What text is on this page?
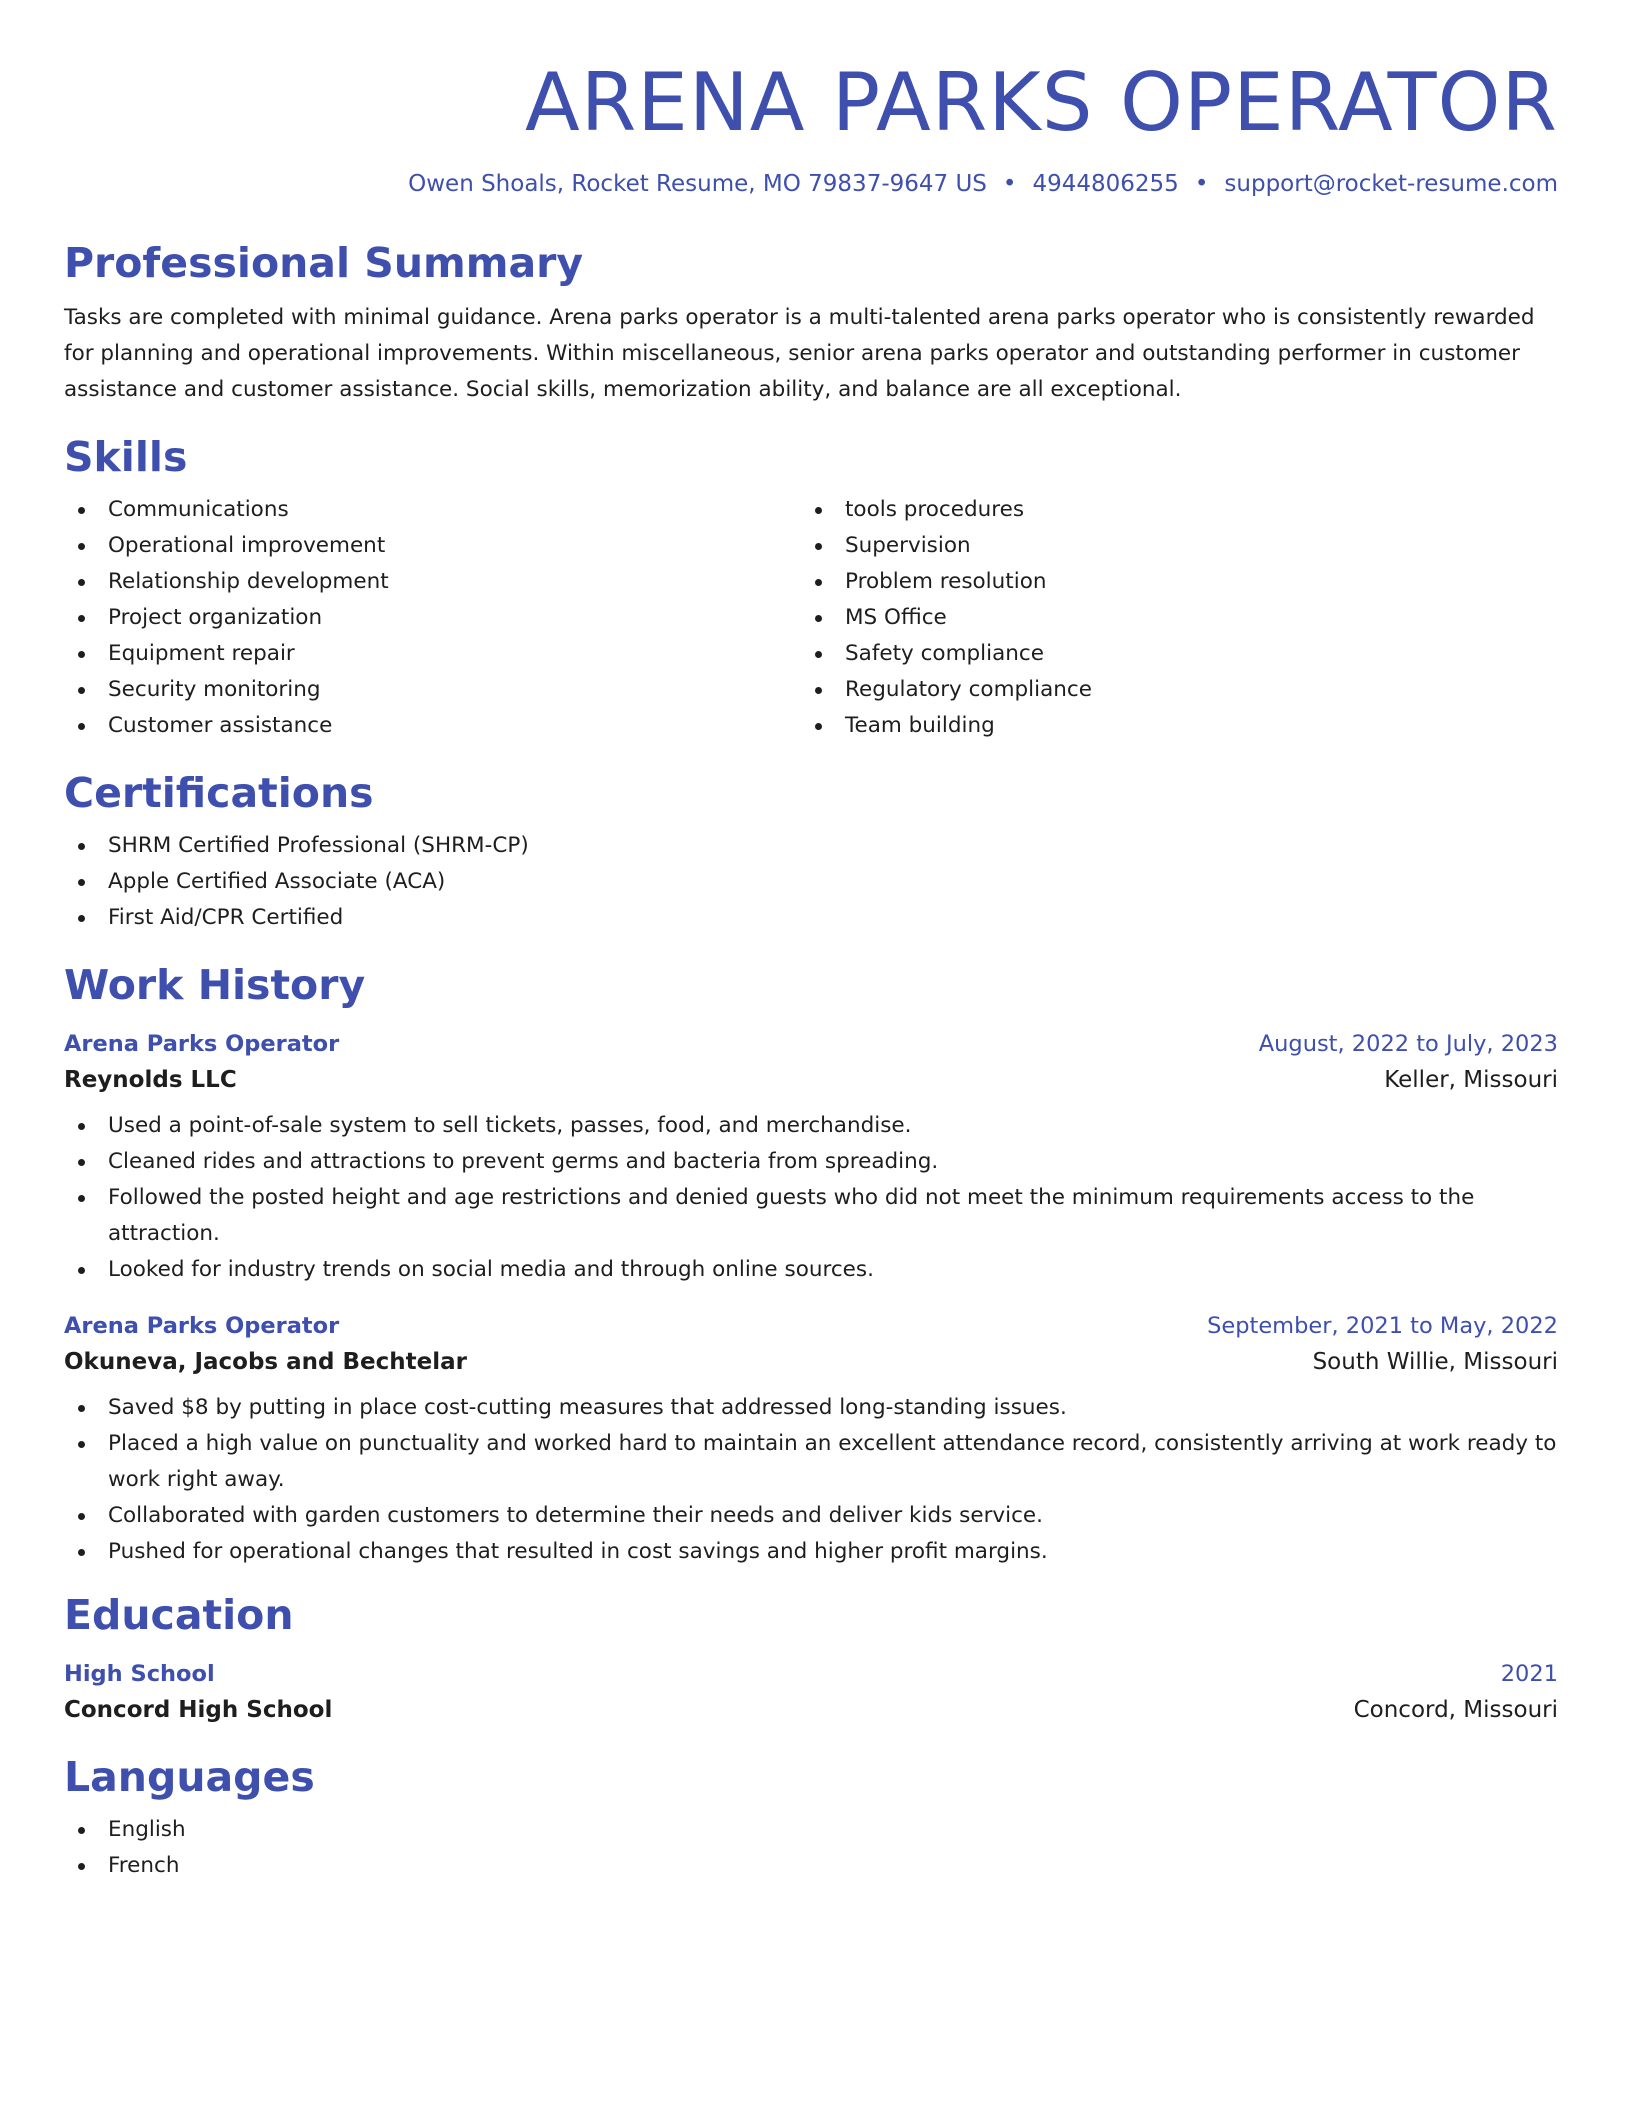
ARENA PARKS OPERATOR
Owen Shoals, Rocket Resume, MO 79837-9647 US • 4944806255 • support@rocket-resume.com
Professional Summary
Tasks are completed with minimal guidance. Arena parks operator is a multi-talented arena parks operator who is consistently rewarded for planning and operational improvements. Within miscellaneous, senior arena parks operator and outstanding performer in customer assistance and customer assistance. Social skills, memorization ability, and balance are all exceptional.
Skills
Communications
Operational improvement
Relationship development
Project organization
Equipment repair
Security monitoring
Customer assistance
tools procedures
Supervision
Problem resolution
MS Office
Safety compliance
Regulatory compliance
Team building
Certifications
SHRM Certified Professional (SHRM-CP)
Apple Certified Associate (ACA)
First Aid/CPR Certified
Work History
Arena Parks Operator	August, 2022 to July, 2023
Reynolds LLC	Keller, Missouri
Used a point-of-sale system to sell tickets, passes, food, and merchandise.
Cleaned rides and attractions to prevent germs and bacteria from spreading.
Followed the posted height and age restrictions and denied guests who did not meet the minimum requirements access to the attraction.
Looked for industry trends on social media and through online sources.
Arena Parks Operator	September, 2021 to May, 2022
Okuneva, Jacobs and Bechtelar	South Willie, Missouri
Saved $8 by putting in place cost-cutting measures that addressed long-standing issues.
Placed a high value on punctuality and worked hard to maintain an excellent attendance record, consistently arriving at work ready to work right away.
Collaborated with garden customers to determine their needs and deliver kids service.
Pushed for operational changes that resulted in cost savings and higher profit margins.
Education
High School	2021
Concord High School	Concord, Missouri
Languages
English
French
